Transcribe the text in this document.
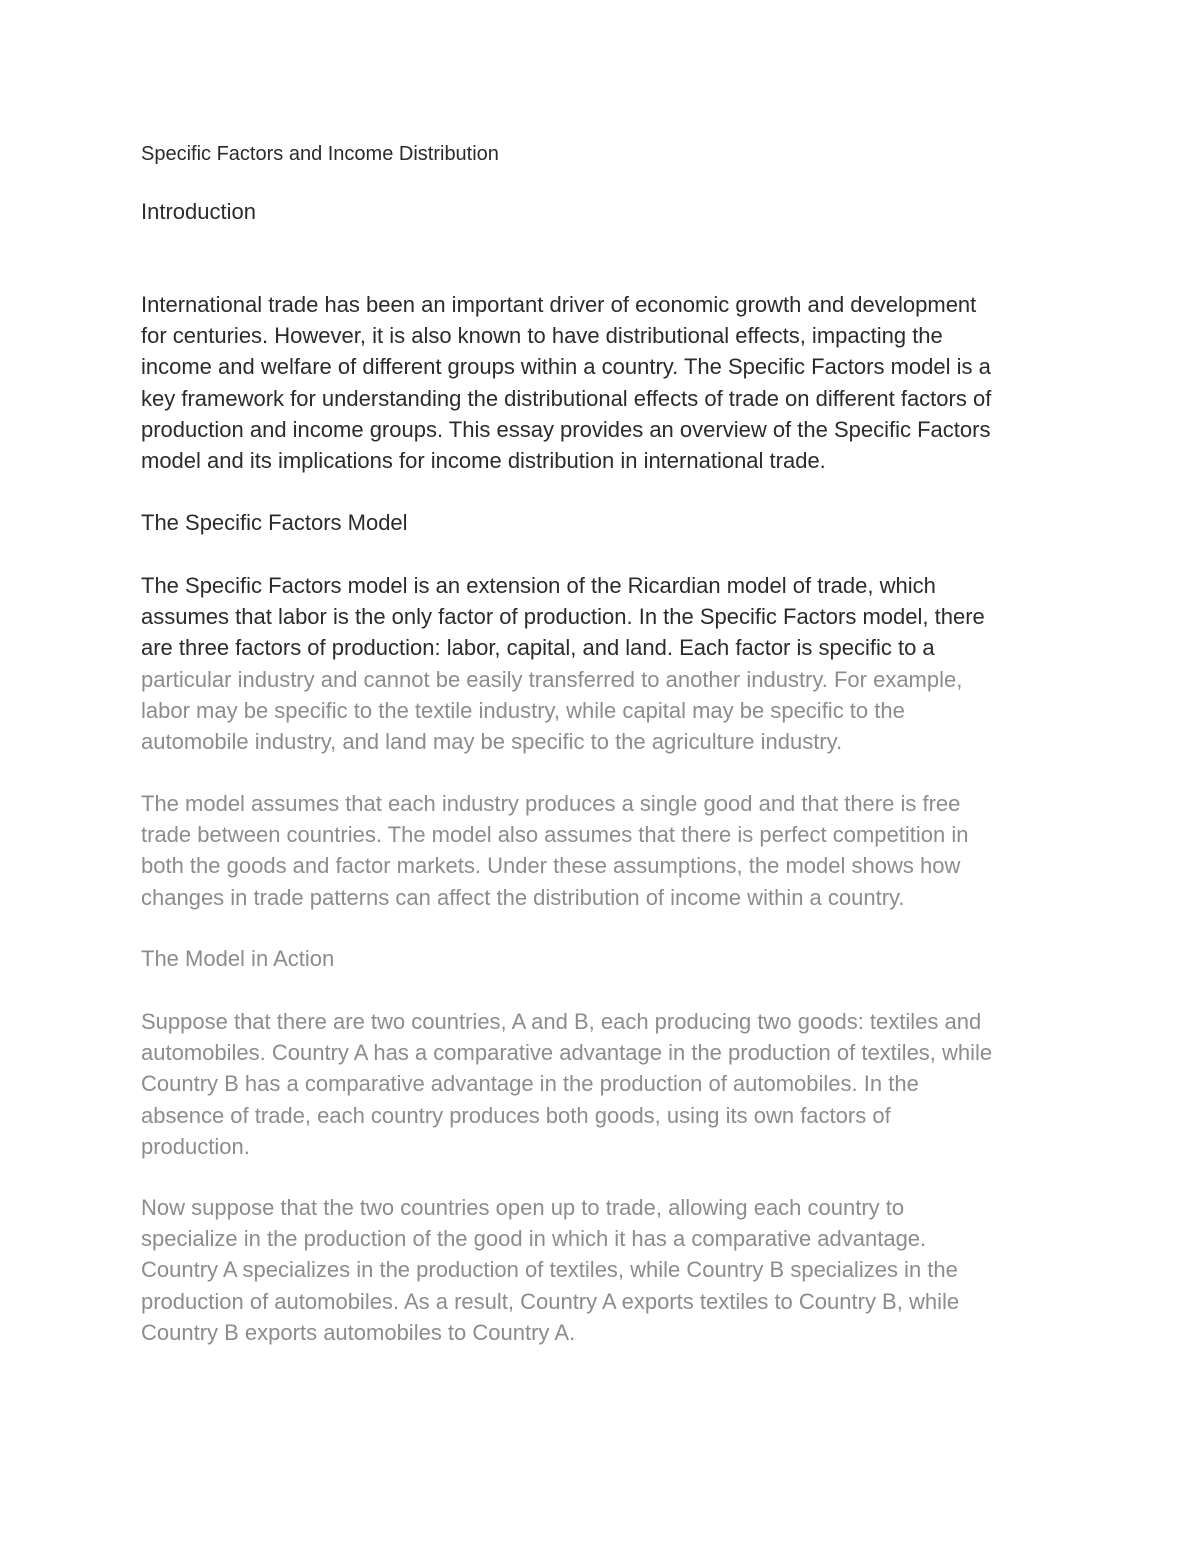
Specific Factors and Income Distribution
Introduction

International trade has been an important driver of economic growth and development
for centuries. However, it is also known to have distributional effects, impacting the
income and welfare of different groups within a country. The Specific Factors model is a
key framework for understanding the distributional effects of trade on different factors of
production and income groups. This essay provides an overview of the Specific Factors
model and its implications for income distribution in international trade.

The Specific Factors Model

The Specific Factors model is an extension of the Ricardian model of trade, which
assumes that labor is the only factor of production. In the Specific Factors model, there
are three factors of production: labor, capital, and land. Each factor is specific to a
particular industry and cannot be easily transferred to another industry. For example,
labor may be specific to the textile industry, while capital may be specific to the
automobile industry, and land may be specific to the agriculture industry.

The model assumes that each industry produces a single good and that there is free
trade between countries. The model also assumes that there is perfect competition in
both the goods and factor markets. Under these assumptions, the model shows how
changes in trade patterns can affect the distribution of income within a country.

The Model in Action

Suppose that there are two countries, A and B, each producing two goods: textiles and
automobiles. Country A has a comparative advantage in the production of textiles, while
Country B has a comparative advantage in the production of automobiles. In the
absence of trade, each country produces both goods, using its own factors of
production.

Now suppose that the two countries open up to trade, allowing each country to
specialize in the production of the good in which it has a comparative advantage.
Country A specializes in the production of textiles, while Country B specializes in the
production of automobiles. As a result, Country A exports textiles to Country B, while
Country B exports automobiles to Country A.
